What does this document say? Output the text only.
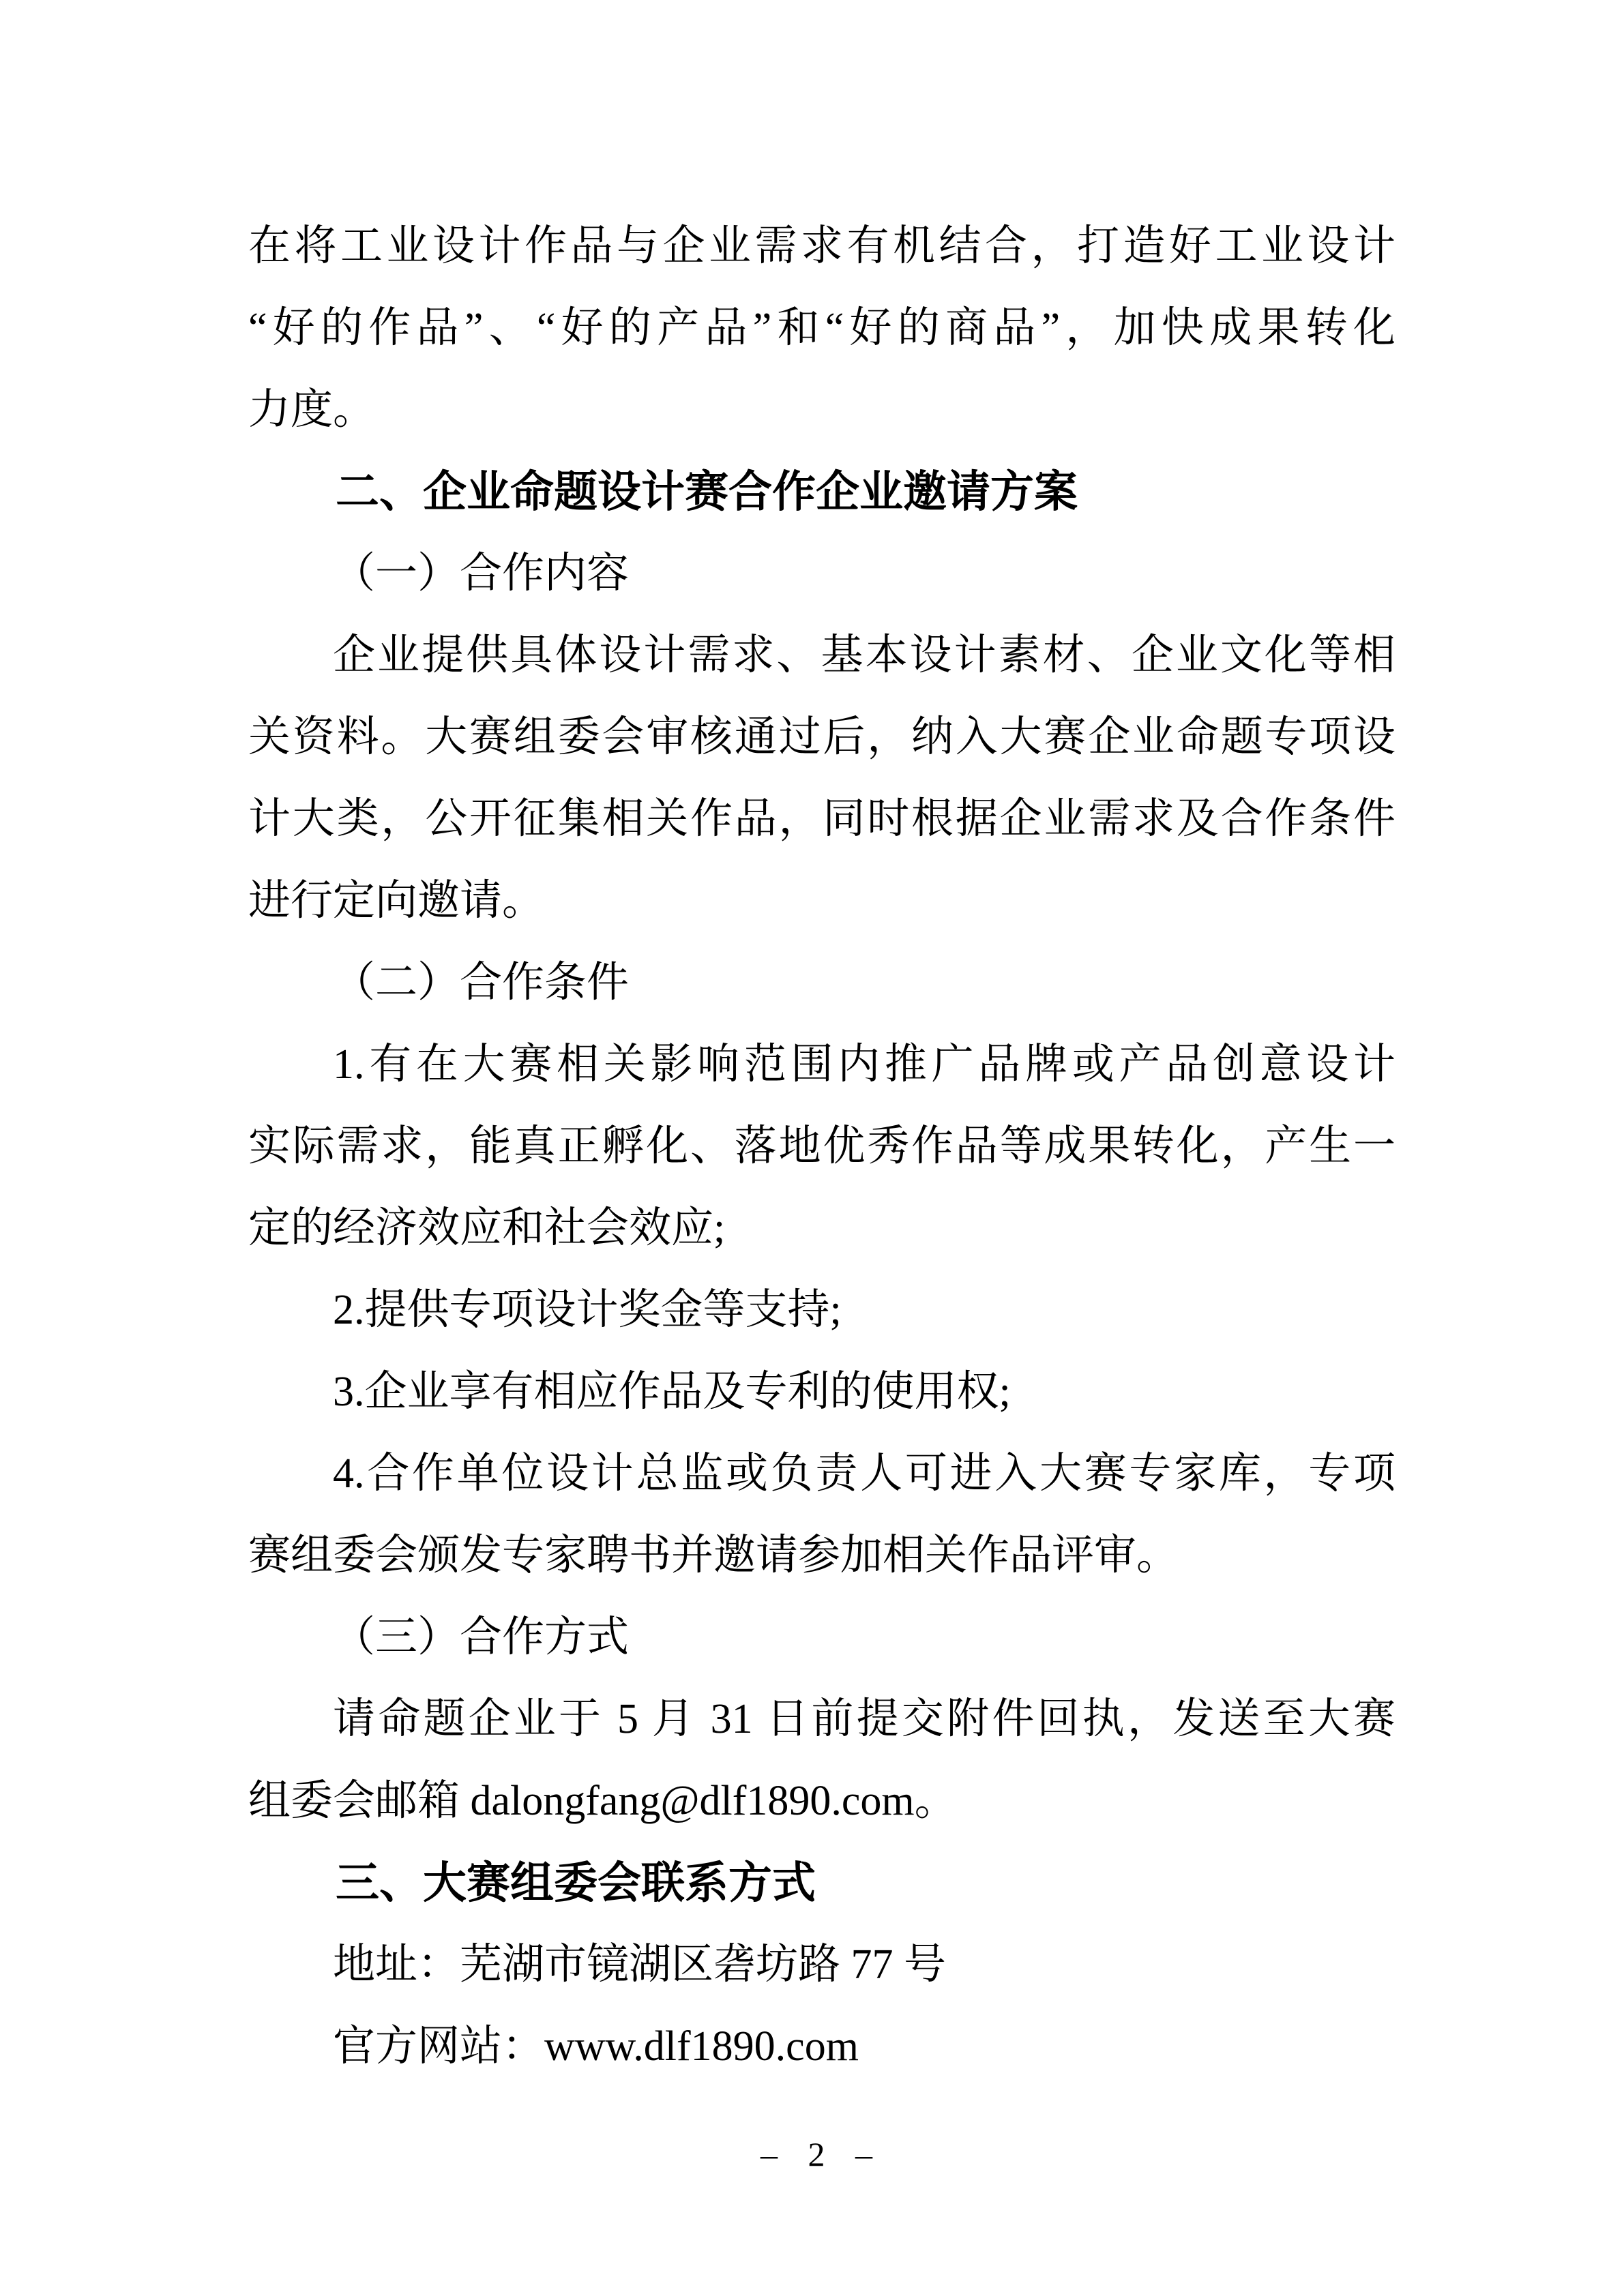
在将工业设计作品与企业需求有机结合，打造好工业设计
“好的作品”、“好的产品”和“好的商品”，加快成果转化
力度。
二、企业命题设计赛合作企业邀请方案
（一）合作内容
企业提供具体设计需求、基本设计素材、企业文化等相
关资料。大赛组委会审核通过后，纳入大赛企业命题专项设
计大类，公开征集相关作品，同时根据企业需求及合作条件
进行定向邀请。
（二）合作条件
1.有在大赛相关影响范围内推广品牌或产品创意设计
实际需求，能真正孵化、落地优秀作品等成果转化，产生一
定的经济效应和社会效应;
2.提供专项设计奖金等支持;
3.企业享有相应作品及专利的使用权;
4.合作单位设计总监或负责人可进入大赛专家库，专项
赛组委会颁发专家聘书并邀请参加相关作品评审。
（三）合作方式
请命题企业于 5 月 31 日前提交附件回执，发送至大赛
组委会邮箱 dalongfang@dlf1890.com。
三、大赛组委会联系方式
地址：芜湖市镜湖区砻坊路 77 号
官方网站：www.dlf1890.com
– 2 –
